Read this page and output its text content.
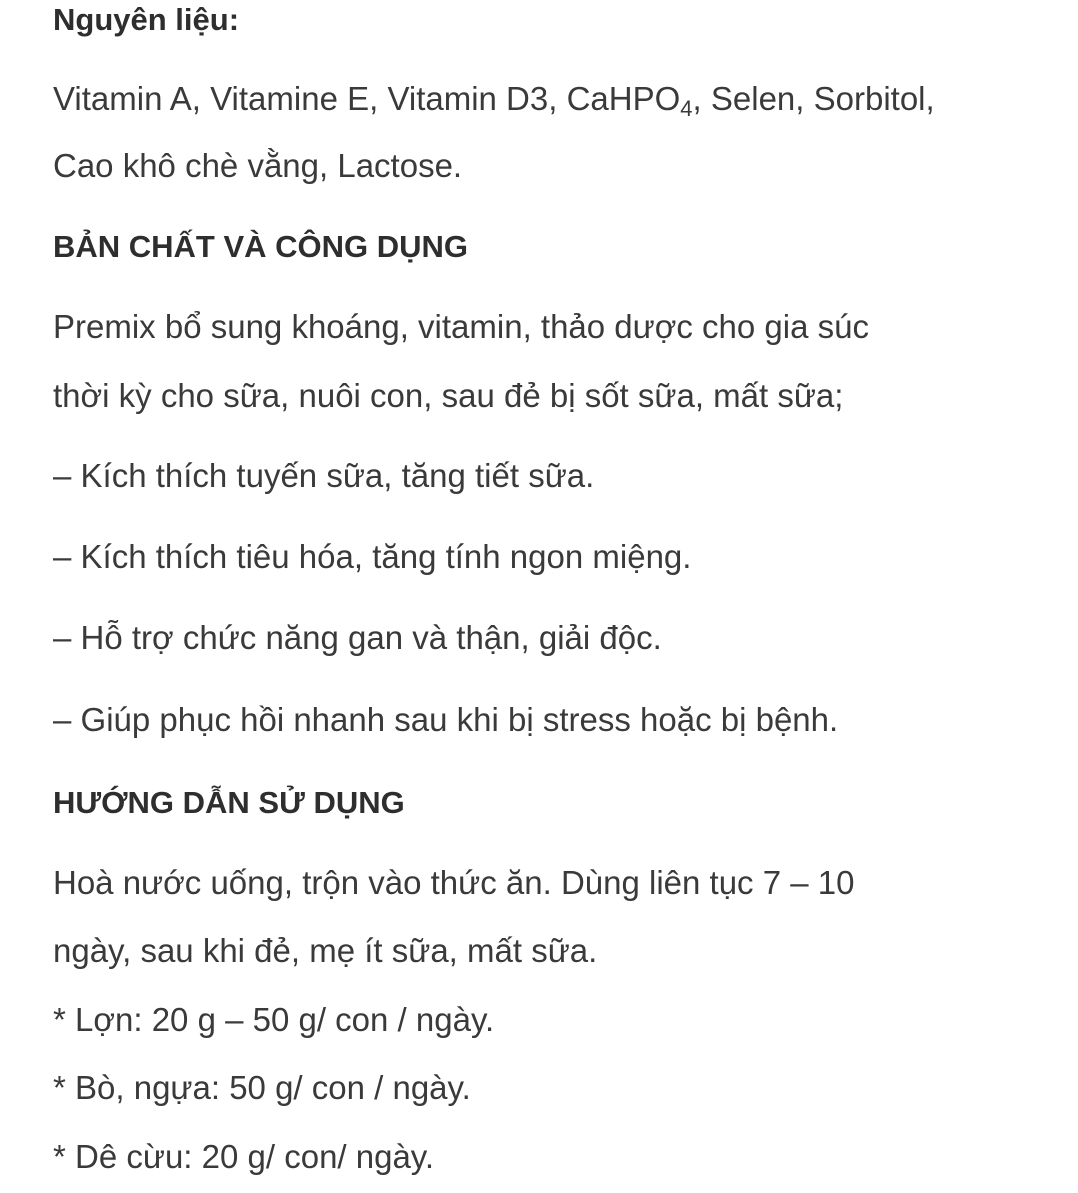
Nguyên liệu:
Vitamin A, Vitamine E, Vitamin D3, CaHPO$_4$, Selen, Sorbitol,
Cao khô chè vằng, Lactose.
BẢN CHẤT VÀ CÔNG DỤNG
Premix bổ sung khoáng, vitamin, thảo dược cho gia súc
thời kỳ cho sữa, nuôi con, sau đẻ bị sốt sữa, mất sữa;
– Kích thích tuyến sữa, tăng tiết sữa.
– Kích thích tiêu hóa, tăng tính ngon miệng.
– Hỗ trợ chức năng gan và thận, giải độc.
– Giúp phục hồi nhanh sau khi bị stress hoặc bị bệnh.
HƯỚNG DẪN SỬ DỤNG
Hoà nước uống, trộn vào thức ăn. Dùng liên tục 7 – 10
ngày, sau khi đẻ, mẹ ít sữa, mất sữa.
* Lợn: 20 g – 50 g/ con / ngày.
* Bò, ngựa: 50 g/ con / ngày.
* Dê cừu: 20 g/ con/ ngày.
